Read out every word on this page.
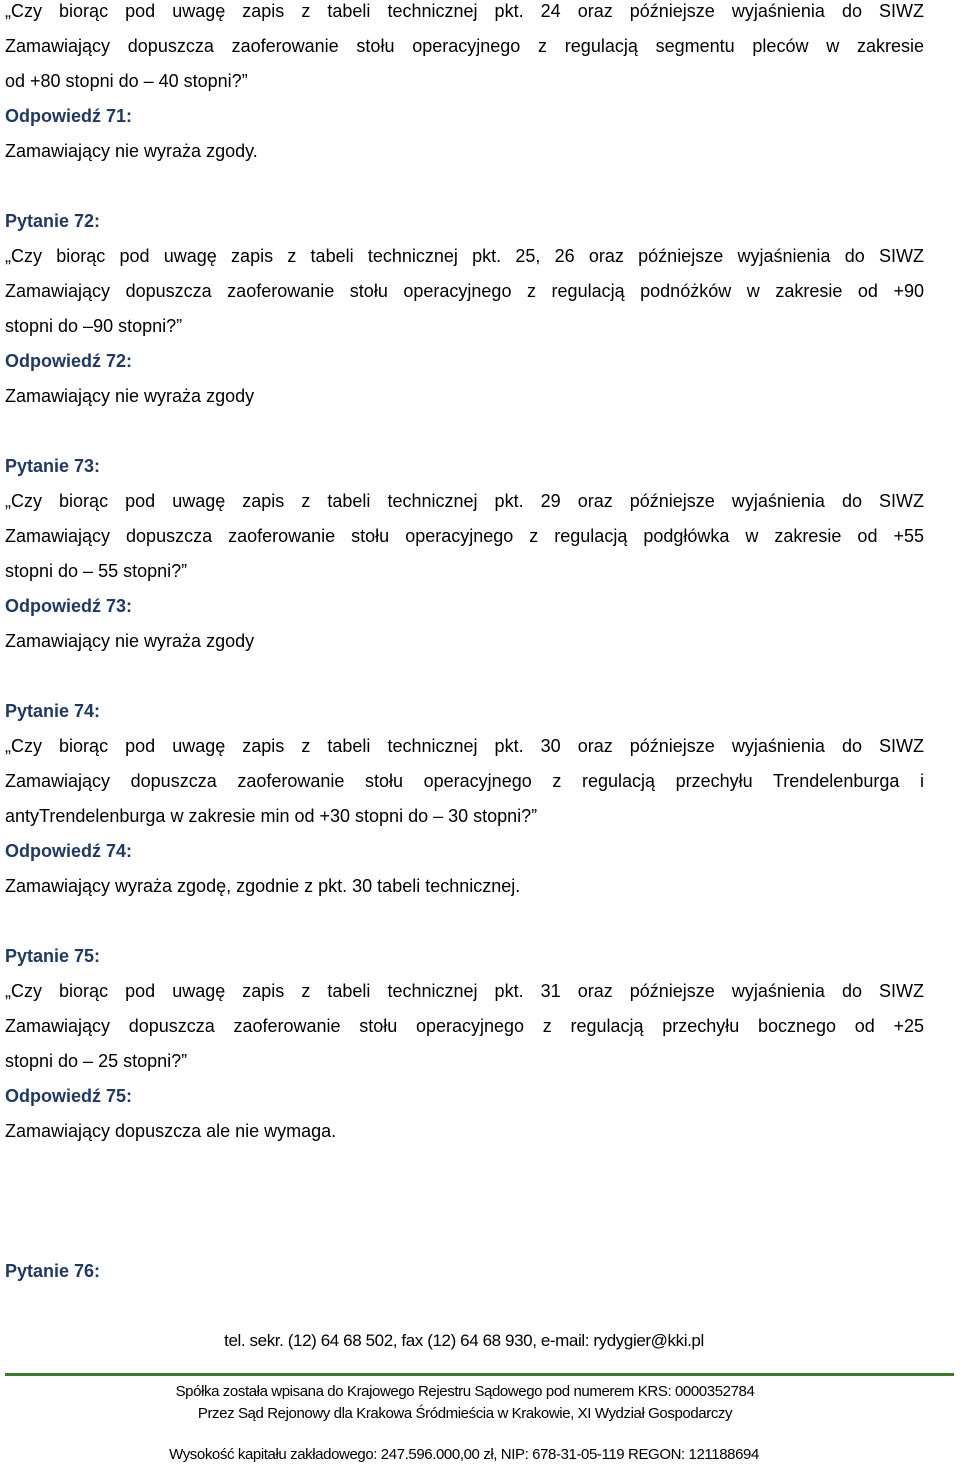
„Czy biorąc pod uwagę zapis z tabeli technicznej pkt. 24 oraz późniejsze wyjaśnienia do SIWZ
Zamawiający dopuszcza zaoferowanie stołu operacyjnego z regulacją segmentu pleców w zakresie
od +80 stopni do – 40 stopni?”
Odpowiedź 71:
Zamawiający nie wyraża zgody.
Pytanie 72:
„Czy biorąc pod uwagę zapis z tabeli technicznej pkt. 25, 26 oraz późniejsze wyjaśnienia do SIWZ
Zamawiający dopuszcza zaoferowanie stołu operacyjnego z regulacją podnóżków w zakresie od +90
stopni do –90 stopni?”
Odpowiedź 72:
Zamawiający nie wyraża zgody
Pytanie 73:
„Czy biorąc pod uwagę zapis z tabeli technicznej pkt. 29 oraz późniejsze wyjaśnienia do SIWZ
Zamawiający dopuszcza zaoferowanie stołu operacyjnego z regulacją podgłówka w zakresie od +55
stopni do – 55 stopni?”
Odpowiedź 73:
Zamawiający nie wyraża zgody
Pytanie 74:
„Czy biorąc pod uwagę zapis z tabeli technicznej pkt. 30 oraz późniejsze wyjaśnienia do SIWZ
Zamawiający dopuszcza zaoferowanie stołu operacyjnego z regulacją przechyłu Trendelenburga i
antyTrendelenburga w zakresie min od +30 stopni do – 30 stopni?”
Odpowiedź 74:
Zamawiający wyraża zgodę, zgodnie z pkt. 30 tabeli technicznej.
Pytanie 75:
„Czy biorąc pod uwagę zapis z tabeli technicznej pkt. 31 oraz późniejsze wyjaśnienia do SIWZ
Zamawiający dopuszcza zaoferowanie stołu operacyjnego z regulacją przechyłu bocznego od +25
stopni do – 25 stopni?”
Odpowiedź 75:
Zamawiający dopuszcza ale nie wymaga.
Pytanie 76:
tel. sekr. (12) 64 68 502, fax (12) 64 68 930, e-mail: rydygier@kki.pl
Spółka została wpisana do Krajowego Rejestru Sądowego pod numerem KRS: 0000352784
Przez Sąd Rejonowy dla Krakowa Śródmieścia w Krakowie, XI Wydział Gospodarczy
Wysokość kapitału zakładowego: 247.596.000,00 zł, NIP: 678-31-05-119 REGON: 121188694
